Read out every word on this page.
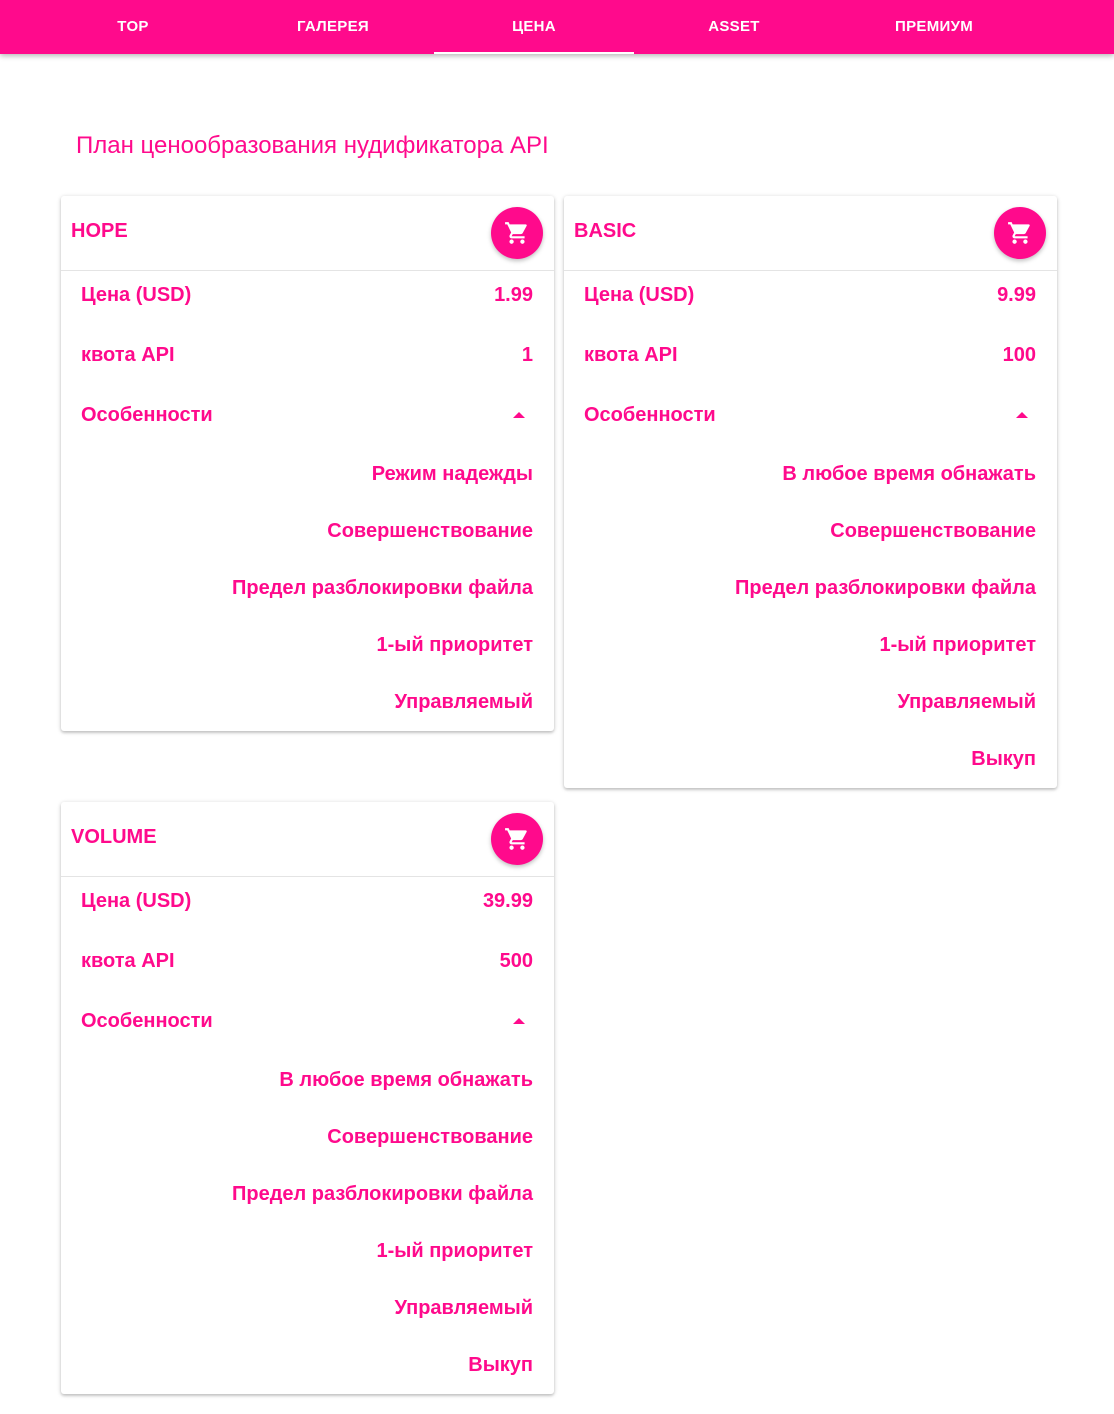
TOP	ГАЛЕРЕЯ	ЦЕНА	ASSET	ПРЕМИУМ
План ценообразования нудификатора API
HOPE
Цена (USD)	1.99
квота API	1
Особенности
Режим надежды
Совершенствование
Предел разблокировки файла
1-ый приоритет
Управляемый
BASIC
Цена (USD)	9.99
квота API	100
Особенности
В любое время обнажать
Совершенствование
Предел разблокировки файла
1-ый приоритет
Управляемый
Выкуп
VOLUME
Цена (USD)	39.99
квота API	500
Особенности
В любое время обнажать
Совершенствование
Предел разблокировки файла
1-ый приоритет
Управляемый
Выкуп
